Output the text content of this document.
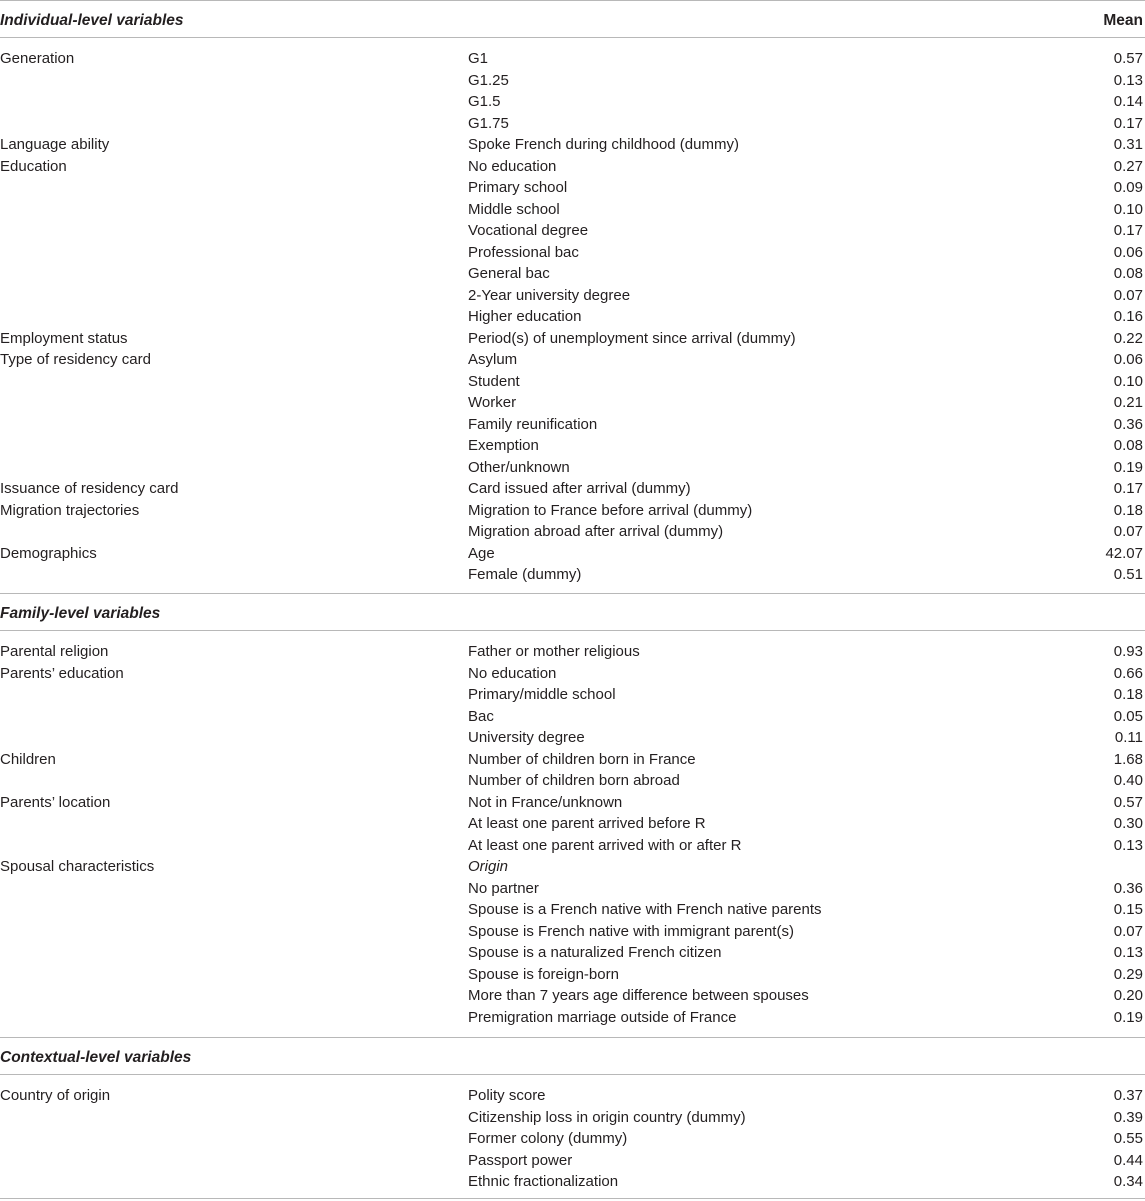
Individual-level variables	Mean
Generation	G1	0.57
G1.25	0.13
G1.5	0.14
G1.75	0.17
Language ability	Spoke French during childhood (dummy)	0.31
Education	No education	0.27
Primary school	0.09
Middle school	0.10
Vocational degree	0.17
Professional bac	0.06
General bac	0.08
2-Year university degree	0.07
Higher education	0.16
Employment status	Period(s) of unemployment since arrival (dummy)	0.22
Type of residency card	Asylum	0.06
Student	0.10
Worker	0.21
Family reunification	0.36
Exemption	0.08
Other/unknown	0.19
Issuance of residency card	Card issued after arrival (dummy)	0.17
Migration trajectories	Migration to France before arrival (dummy)	0.18
Migration abroad after arrival (dummy)	0.07
Demographics	Age	42.07
Female (dummy)	0.51
Family-level variables
Parental religion	Father or mother religious	0.93
Parents’ education	No education	0.66
Primary/middle school	0.18
Bac	0.05
University degree	0.11
Children	Number of children born in France	1.68
Number of children born abroad	0.40
Parents’ location	Not in France/unknown	0.57
At least one parent arrived before R	0.30
At least one parent arrived with or after R	0.13
Spousal characteristics	Origin
No partner	0.36
Spouse is a French native with French native parents	0.15
Spouse is French native with immigrant parent(s)	0.07
Spouse is a naturalized French citizen	0.13
Spouse is foreign-born	0.29
More than 7 years age difference between spouses	0.20
Premigration marriage outside of France	0.19
Contextual-level variables
Country of origin	Polity score	0.37
Citizenship loss in origin country (dummy)	0.39
Former colony (dummy)	0.55
Passport power	0.44
Ethnic fractionalization	0.34
